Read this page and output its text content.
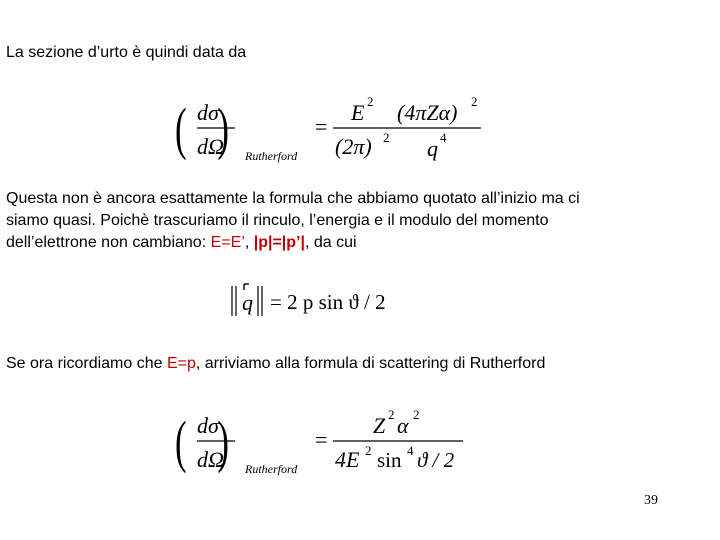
La sezione d’urto è quindi data da
( dσ
dΩ
) Rutherford
=
E 2 (4πZα) 2
(2π) 2 q 4
Questa non è ancora esattamente la formula che abbiamo quotato all’inizio ma ci
siamo quasi. Poichè trascuriamo il rinculo, l’energia e il modulo del momento
dell’elettrone non cambiano: E=E’, |p|=|p’|, da cui
q = 2 p sin ϑ / 2
Se ora ricordiamo che E=p, arriviamo alla formula di scattering di Rutherford
( dσ
dΩ
) Rutherford
=
Z 2 α 2
4E 2 sin 4 ϑ / 2
39
